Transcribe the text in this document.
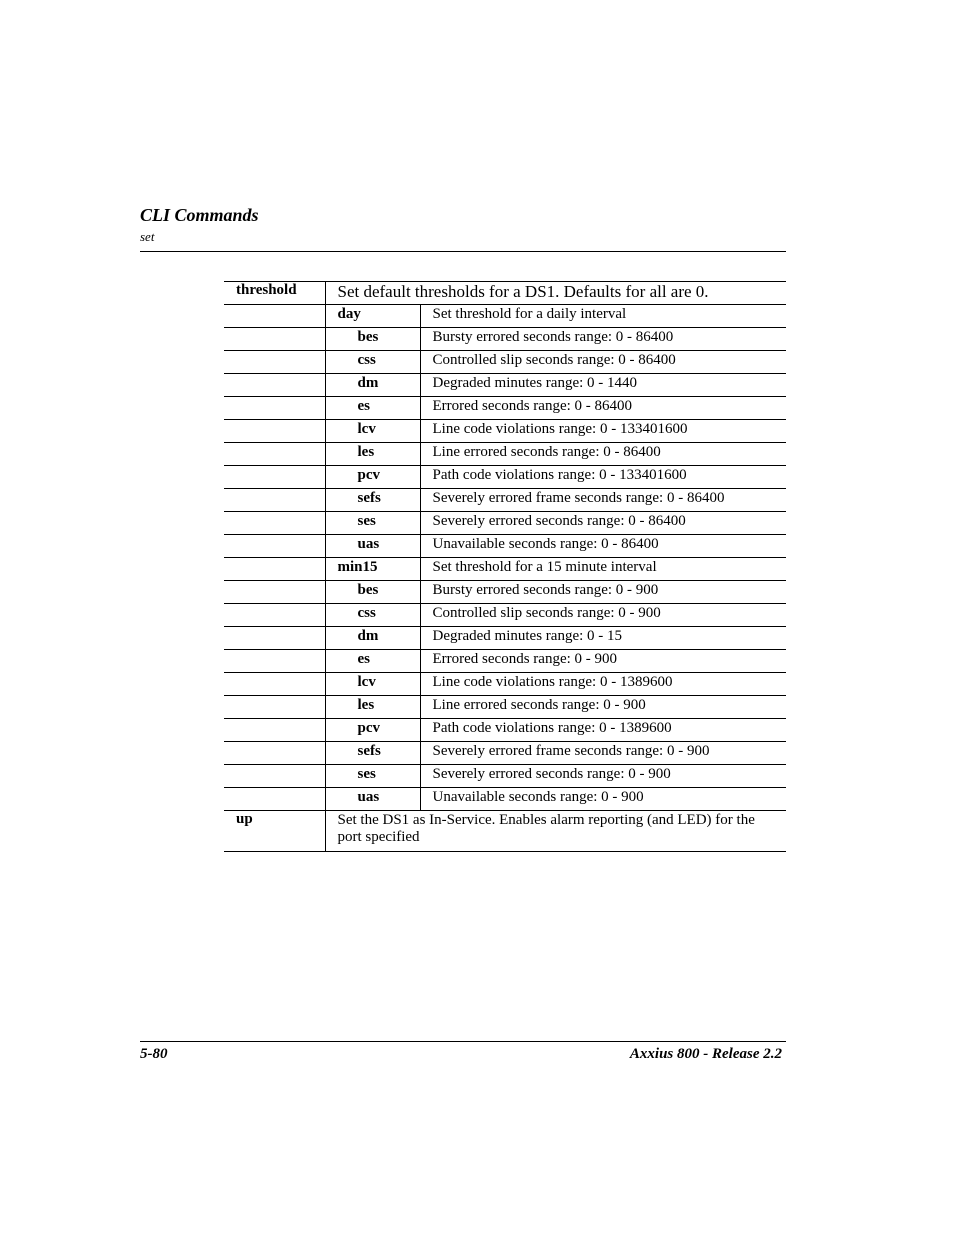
CLI Commands
set
threshold	Set default thresholds for a DS1. Defaults for all are 0.	

	day	Set threshold for a daily interval

	bes	Bursty errored seconds range: 0 - 86400

	css	Controlled slip seconds range: 0 - 86400

	dm	Degraded minutes range: 0 - 1440

	es	Errored seconds range: 0 - 86400

	lcv	Line code violations range: 0 - 133401600

	les	Line errored seconds range: 0 - 86400

	pcv	Path code violations range: 0 - 133401600

	sefs	Severely errored frame seconds range: 0 - 86400

	ses	Severely errored seconds range: 0 - 86400

	uas	Unavailable seconds range: 0 - 86400

	min15	Set threshold for a 15 minute interval

	bes	Bursty errored seconds range: 0 - 900

	css	Controlled slip seconds range: 0 - 900

	dm	Degraded minutes range: 0 - 15

	es	Errored seconds range: 0 - 900

	lcv	Line code violations range: 0 - 1389600

	les	Line errored seconds range: 0 - 900

	pcv	Path code violations range: 0 - 1389600

	sefs	Severely errored frame seconds range: 0 - 900

	ses	Severely errored seconds range: 0 - 900

	uas	Unavailable seconds range: 0 - 900

up	Set the DS1 as In-Service. Enables alarm reporting (and LED) for the port specified	
5-80	Axxius 800 - Release 2.2
